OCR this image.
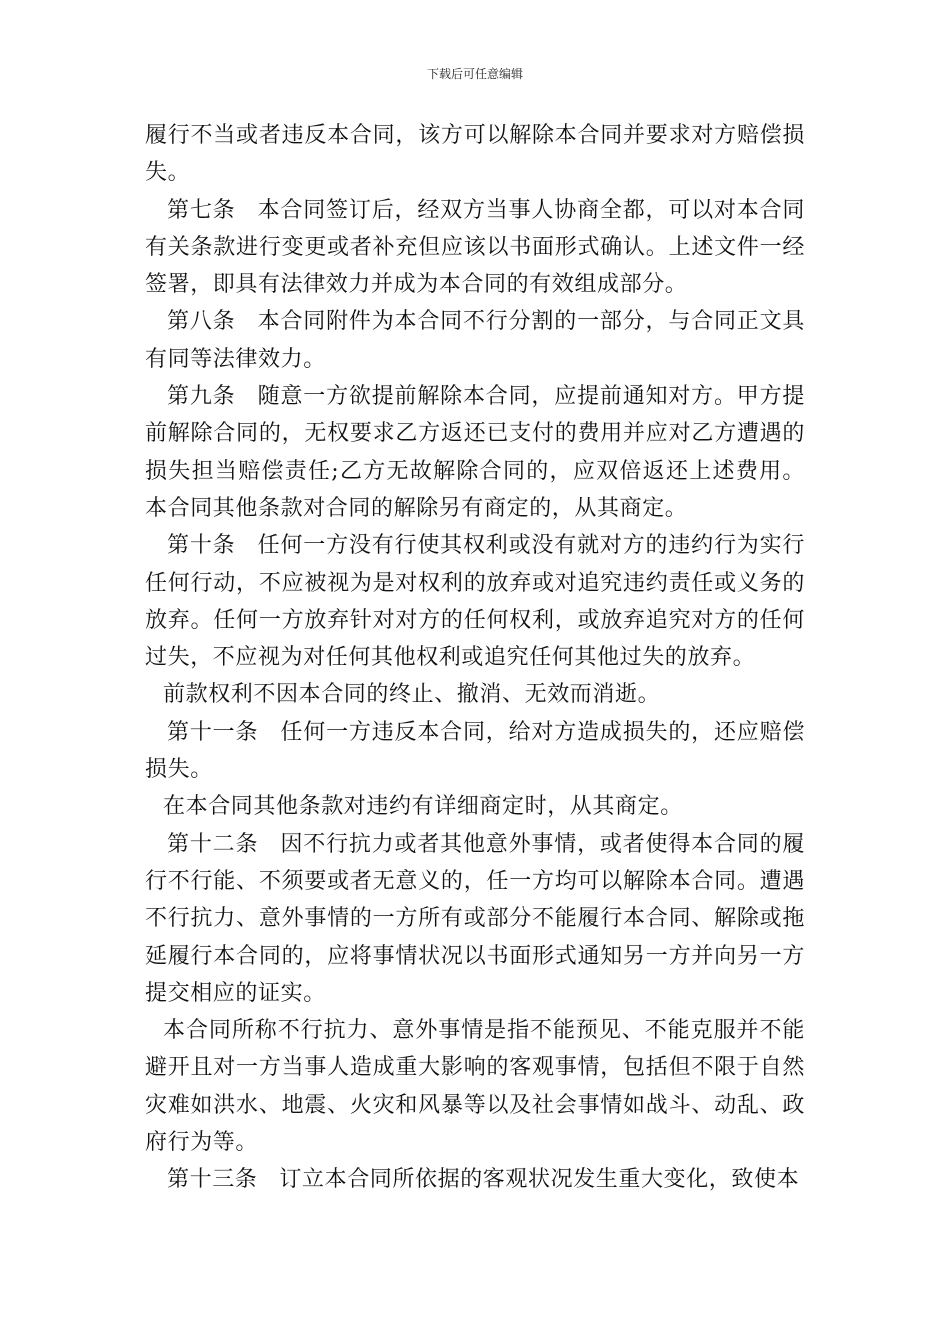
下载后可任意编辑

履行不当或者违反本合同，该方可以解除本合同并要求对方赔偿损失。

第七条 本合同签订后，经双方当事人协商全都，可以对本合同有关条款进行变更或者补充但应该以书面形式确认。上述文件一经签署，即具有法律效力并成为本合同的有效组成部分。

第八条 本合同附件为本合同不行分割的一部分，与合同正文具有同等法律效力。

第九条 随意一方欲提前解除本合同，应提前通知对方。甲方提前解除合同的，无权要求乙方返还已支付的费用并应对乙方遭遇的损失担当赔偿责任;乙方无故解除合同的，应双倍返还上述费用。本合同其他条款对合同的解除另有商定的，从其商定。

第十条 任何一方没有行使其权利或没有就对方的违约行为实行任何行动，不应被视为是对权利的放弃或对追究违约责任或义务的放弃。任何一方放弃针对对方的任何权利，或放弃追究对方的任何过失，不应视为对任何其他权利或追究任何其他过失的放弃。

前款权利不因本合同的终止、撤消、无效而消逝。

第十一条 任何一方违反本合同，给对方造成损失的，还应赔偿损失。

在本合同其他条款对违约有详细商定时，从其商定。

第十二条 因不行抗力或者其他意外事情，或者使得本合同的履行不行能、不须要或者无意义的，任一方均可以解除本合同。遭遇不行抗力、意外事情的一方所有或部分不能履行本合同、解除或拖延履行本合同的，应将事情状况以书面形式通知另一方并向另一方提交相应的证实。

本合同所称不行抗力、意外事情是指不能预见、不能克服并不能避开且对一方当事人造成重大影响的客观事情，包括但不限于自然灾难如洪水、地震、火灾和风暴等以及社会事情如战斗、动乱、政府行为等。

第十三条 订立本合同所依据的客观状况发生重大变化，致使本
